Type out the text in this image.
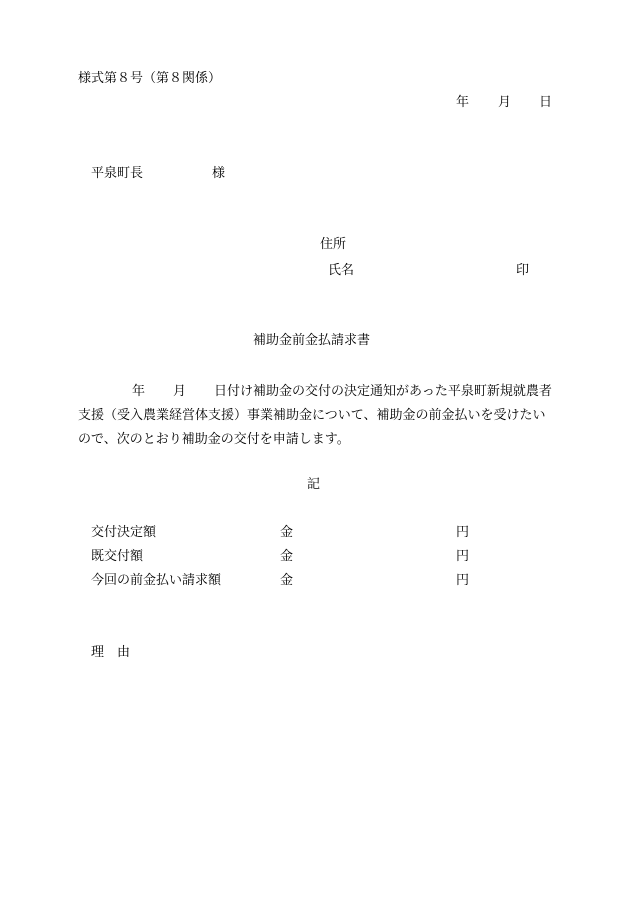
様式第８号（第８関係）
年 月 日
平泉町長	様
住所
氏名	印
補助金前金払請求書
年 月 日付け補助金の交付の決定通知があった平泉町新規就農者支援（受入農業経営体支援）事業補助金について、補助金の前金払いを受けたいので、次のとおり補助金の交付を申請します。
記
交付決定額	金	円
既交付額	金	円
今回の前金払い請求額	金	円
理　由
